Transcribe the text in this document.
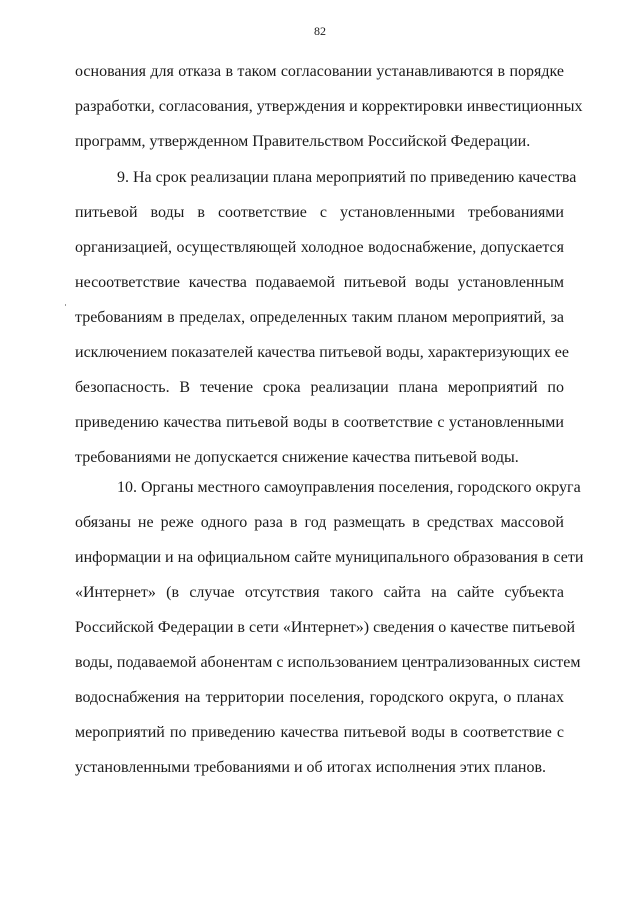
82
основания для отказа в таком согласовании устанавливаются в порядке
разработки, согласования, утверждения и корректировки инвестиционных
программ, утвержденном Правительством Российской Федерации.
9. На срок реализации плана мероприятий по приведению качества
питьевой воды в соответствие с установленными требованиями
организацией, осуществляющей холодное водоснабжение, допускается
несоответствие качества подаваемой питьевой воды установленным
требованиям в пределах, определенных таким планом мероприятий, за
исключением показателей качества питьевой воды, характеризующих ее
безопасность. В течение срока реализации плана мероприятий по
приведению качества питьевой воды в соответствие с установленными
требованиями не допускается снижение качества питьевой воды.
10. Органы местного самоуправления поселения, городского округа
обязаны не реже одного раза в год размещать в средствах массовой
информации и на официальном сайте муниципального образования в сети
«Интернет» (в случае отсутствия такого сайта на сайте субъекта
Российской Федерации в сети «Интернет») сведения о качестве питьевой
воды, подаваемой абонентам с использованием централизованных систем
водоснабжения на территории поселения, городского округа, о планах
мероприятий по приведению качества питьевой воды в соответствие с
установленными требованиями и об итогах исполнения этих планов.
